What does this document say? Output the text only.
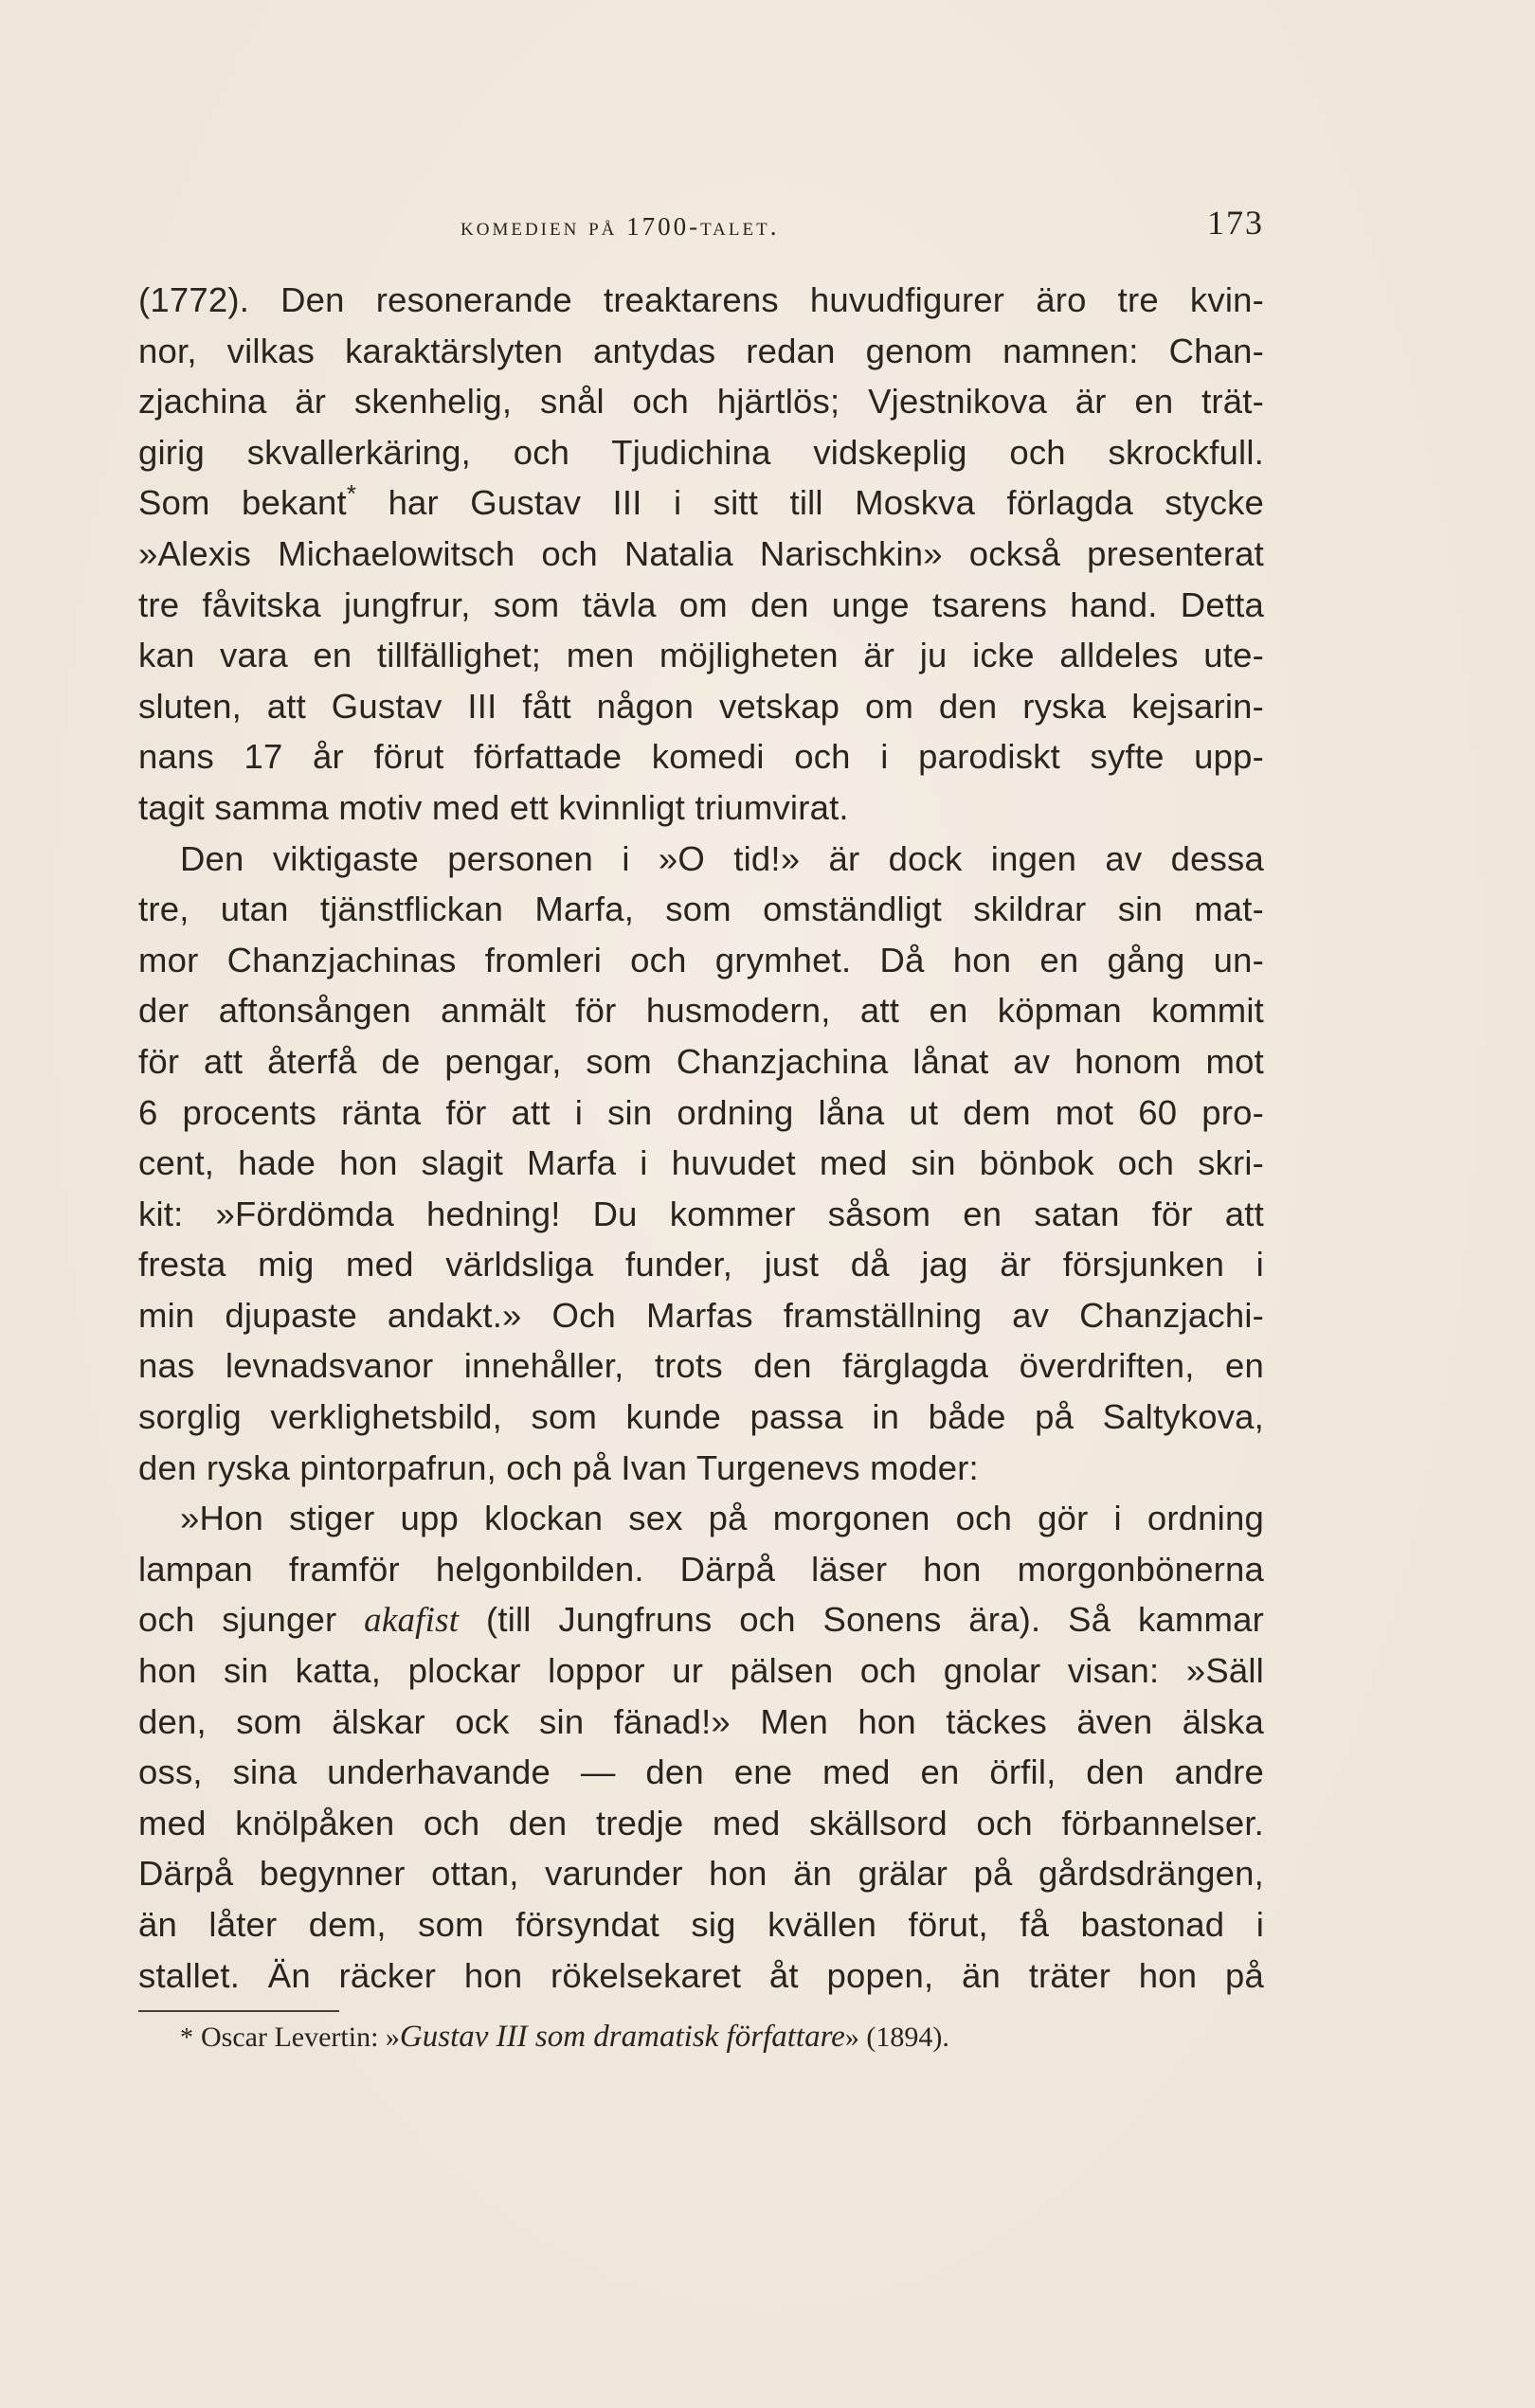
komedien på 1700-talet.	173
(1772). Den resonerande treaktarens huvudfigurer äro tre kvin-
nor, vilkas karaktärslyten antydas redan genom namnen: Chan-
zjachina är skenhelig, snål och hjärtlös; Vjestnikova är en trät-
girig skvallerkäring, och Tjudichina vidskeplig och skrockfull.
Som bekant* har Gustav III i sitt till Moskva förlagda stycke
»Alexis Michaelowitsch och Natalia Narischkin» också presenterat
tre fåvitska jungfrur, som tävla om den unge tsarens hand. Detta
kan vara en tillfällighet; men möjligheten är ju icke alldeles ute-
sluten, att Gustav III fått någon vetskap om den ryska kejsarin-
nans 17 år förut författade komedi och i parodiskt syfte upp-
tagit samma motiv med ett kvinnligt triumvirat.
Den viktigaste personen i »O tid!» är dock ingen av dessa
tre, utan tjänstflickan Marfa, som omständligt skildrar sin mat-
mor Chanzjachinas fromleri och grymhet. Då hon en gång un-
der aftonsången anmält för husmodern, att en köpman kommit
för att återfå de pengar, som Chanzjachina lånat av honom mot
6 procents ränta för att i sin ordning låna ut dem mot 60 pro-
cent, hade hon slagit Marfa i huvudet med sin bönbok och skri-
kit: »Fördömda hedning! Du kommer såsom en satan för att
fresta mig med världsliga funder, just då jag är försjunken i
min djupaste andakt.» Och Marfas framställning av Chanzjachi-
nas levnadsvanor innehåller, trots den färglagda överdriften, en
sorglig verklighetsbild, som kunde passa in både på Saltykova,
den ryska pintorpafrun, och på Ivan Turgenevs moder:
»Hon stiger upp klockan sex på morgonen och gör i ordning
lampan framför helgonbilden. Därpå läser hon morgonbönerna
och sjunger akafist (till Jungfruns och Sonens ära). Så kammar
hon sin katta, plockar loppor ur pälsen och gnolar visan: »Säll
den, som älskar ock sin fänad!» Men hon täckes även älska
oss, sina underhavande — den ene med en örfil, den andre
med knölpåken och den tredje med skällsord och förbannelser.
Därpå begynner ottan, varunder hon än grälar på gårdsdrängen,
än låter dem, som försyndat sig kvällen förut, få bastonad i
stallet. Än räcker hon rökelsekaret åt popen, än träter hon på
* Oscar Levertin: »Gustav III som dramatisk författare» (1894).
